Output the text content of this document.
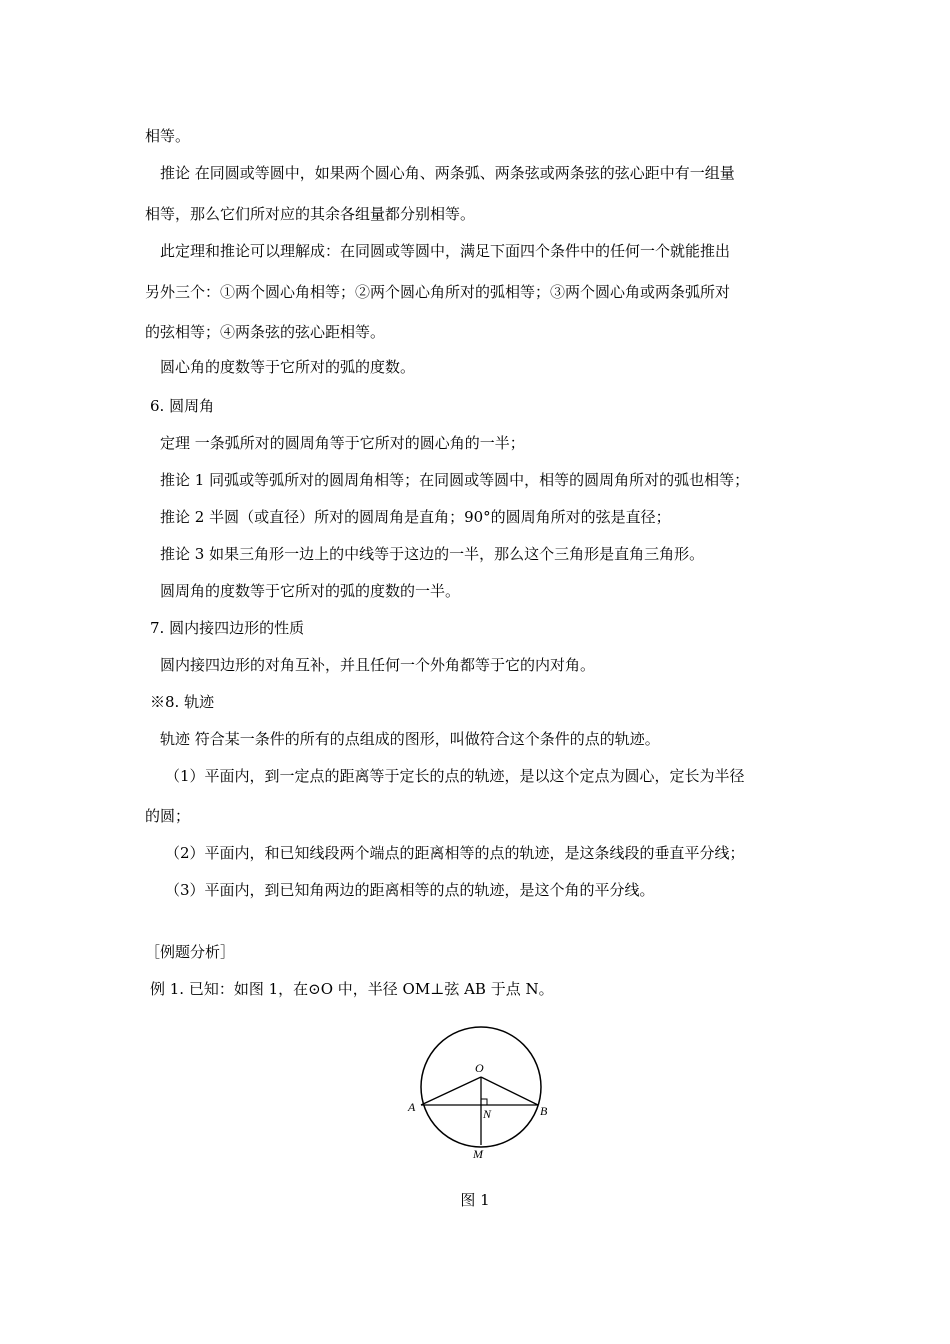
相等。
推论 在同圆或等圆中，如果两个圆心角、两条弧、两条弦或两条弦的弦心距中有一组量
相等，那么它们所对应的其余各组量都分别相等。
此定理和推论可以理解成：在同圆或等圆中，满足下面四个条件中的任何一个就能推出
另外三个：①两个圆心角相等；②两个圆心角所对的弧相等；③两个圆心角或两条弧所对
的弦相等；④两条弦的弦心距相等。
圆心角的度数等于它所对的弧的度数。
6. 圆周角
定理 一条弧所对的圆周角等于它所对的圆心角的一半；
推论 1 同弧或等弧所对的圆周角相等；在同圆或等圆中，相等的圆周角所对的弧也相等；
推论 2 半圆（或直径）所对的圆周角是直角；90°的圆周角所对的弦是直径；
推论 3 如果三角形一边上的中线等于这边的一半，那么这个三角形是直角三角形。
圆周角的度数等于它所对的弧的度数的一半。
7. 圆内接四边形的性质
圆内接四边形的对角互补，并且任何一个外角都等于它的内对角。
※8. 轨迹
轨迹 符合某一条件的所有的点组成的图形，叫做符合这个条件的点的轨迹。
（1）平面内，到一定点的距离等于定长的点的轨迹，是以这个定点为圆心，定长为半径
的圆；
（2）平面内，和已知线段两个端点的距离相等的点的轨迹，是这条线段的垂直平分线；
（3）平面内，到已知角两边的距离相等的点的轨迹，是这个角的平分线。
［例题分析］
例 1. 已知：如图 1，在⊙O 中，半径 OM⊥弦 AB 于点 N。
O
A	B
N
M
图 1
